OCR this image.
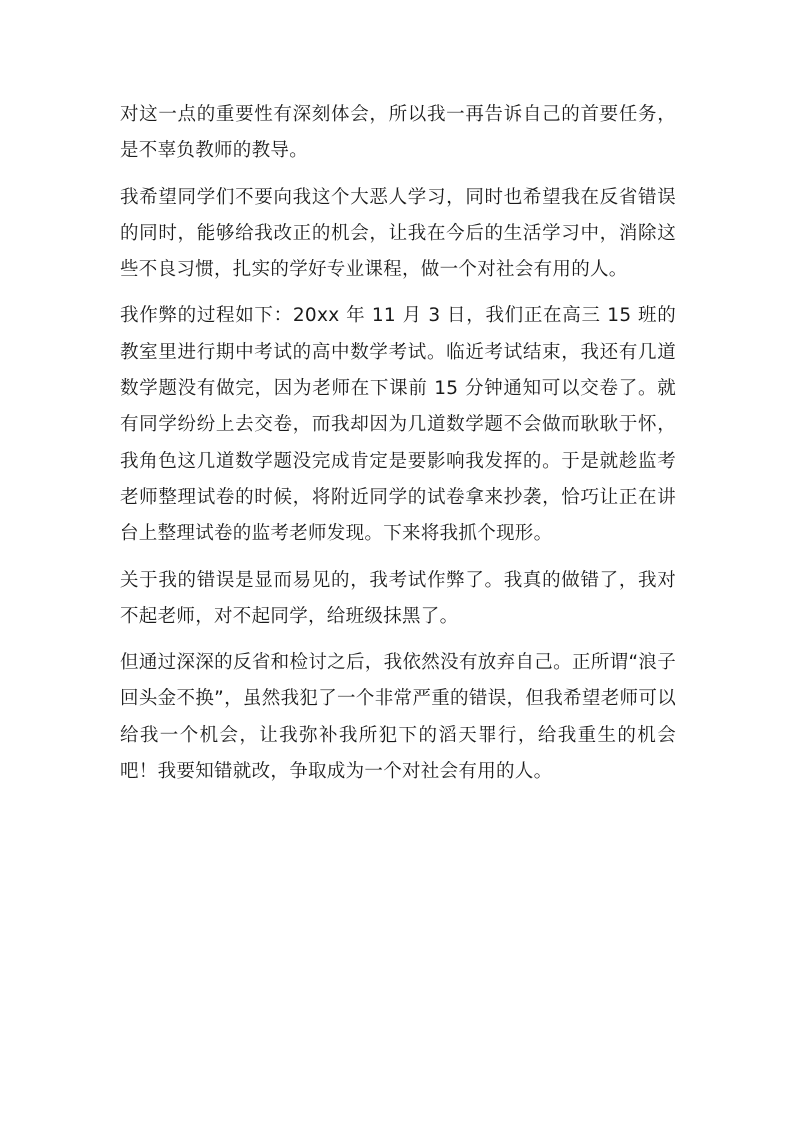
对这一点的重要性有深刻体会，所以我一再告诉自己的首要任务，是不辜负教师的教导。

我希望同学们不要向我这个大恶人学习，同时也希望我在反省错误的同时，能够给我改正的机会，让我在今后的生活学习中，消除这些不良习惯，扎实的学好专业课程，做一个对社会有用的人。

我作弊的过程如下：20xx 年 11 月 3 日，我们正在高三 15 班的教室里进行期中考试的高中数学考试。临近考试结束，我还有几道数学题没有做完，因为老师在下课前 15 分钟通知可以交卷了。就有同学纷纷上去交卷，而我却因为几道数学题不会做而耿耿于怀，我角色这几道数学题没完成肯定是要影响我发挥的。于是就趁监考老师整理试卷的时候，将附近同学的试卷拿来抄袭，恰巧让正在讲台上整理试卷的监考老师发现。下来将我抓个现形。

关于我的错误是显而易见的，我考试作弊了。我真的做错了，我对不起老师，对不起同学，给班级抹黑了。

但通过深深的反省和检讨之后，我依然没有放弃自己。正所谓“浪子回头金不换”，虽然我犯了一个非常严重的错误，但我希望老师可以给我一个机会，让我弥补我所犯下的滔天罪行，给我重生的机会吧！我要知错就改，争取成为一个对社会有用的人。
